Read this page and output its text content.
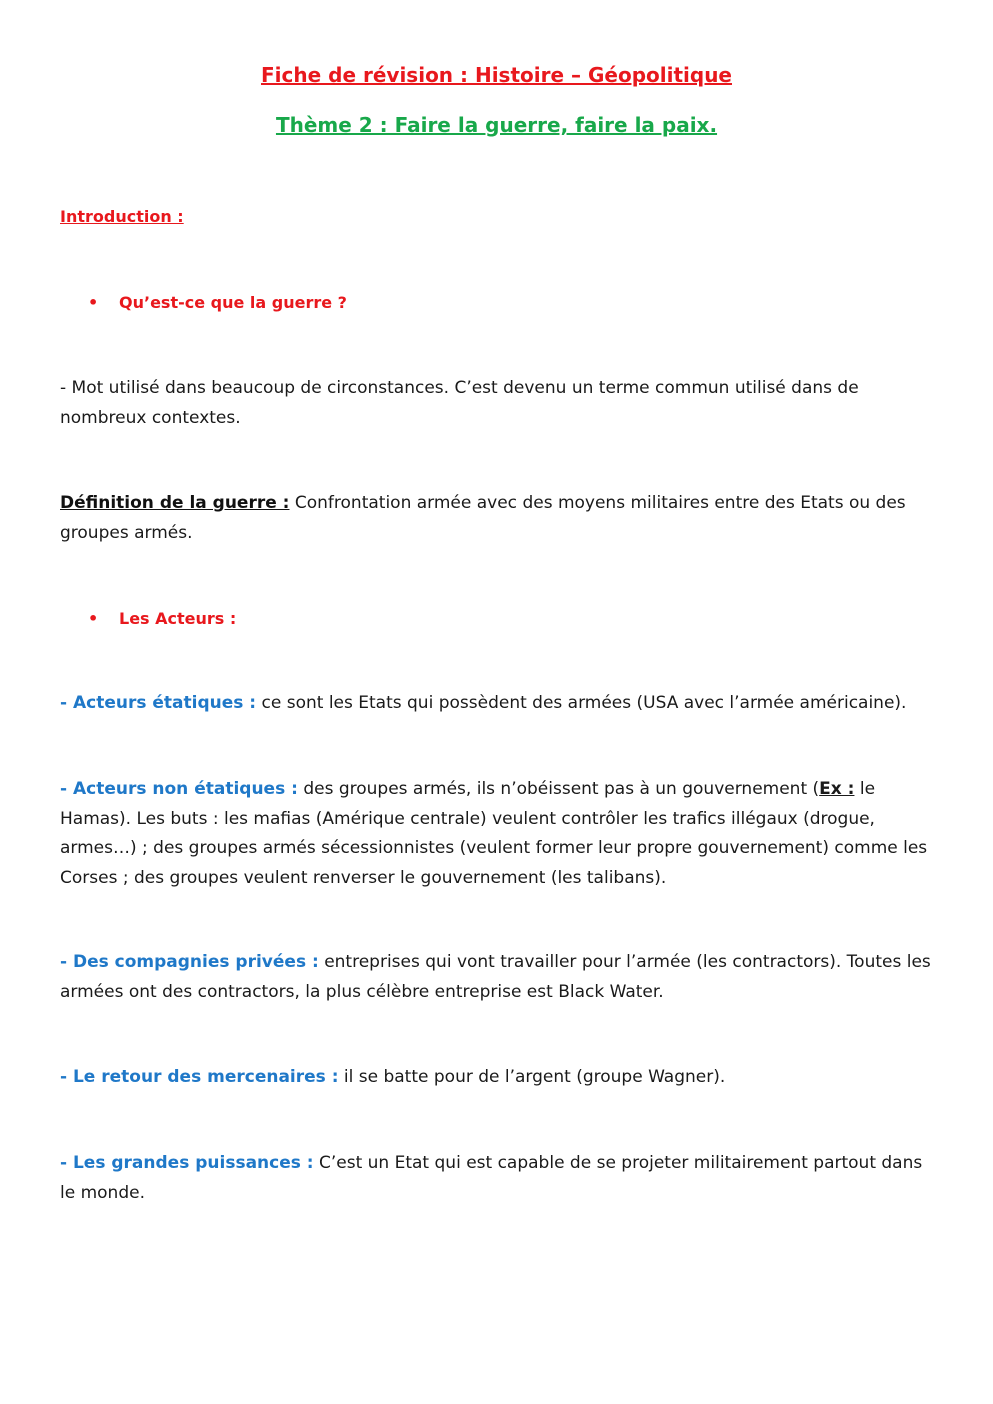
Fiche de révision : Histoire – Géopolitique
Thème 2 : Faire la guerre, faire la paix.
Introduction :
• Qu’est-ce que la guerre ?
- Mot utilisé dans beaucoup de circonstances. C’est devenu un terme commun utilisé dans de nombreux contextes.
Définition de la guerre : Confrontation armée avec des moyens militaires entre des Etats ou des groupes armés.
• Les Acteurs :
- Acteurs étatiques : ce sont les Etats qui possèdent des armées (USA avec l’armée américaine).
- Acteurs non étatiques : des groupes armés, ils n’obéissent pas à un gouvernement (Ex : le Hamas). Les buts : les mafias (Amérique centrale) veulent contrôler les trafics illégaux (drogue, armes…) ; des groupes armés sécessionnistes (veulent former leur propre gouvernement) comme les Corses ; des groupes veulent renverser le gouvernement (les talibans).
- Des compagnies privées : entreprises qui vont travailler pour l’armée (les contractors). Toutes les armées ont des contractors, la plus célèbre entreprise est Black Water.
- Le retour des mercenaires : il se batte pour de l’argent (groupe Wagner).
- Les grandes puissances : C’est un Etat qui est capable de se projeter militairement partout dans le monde.
